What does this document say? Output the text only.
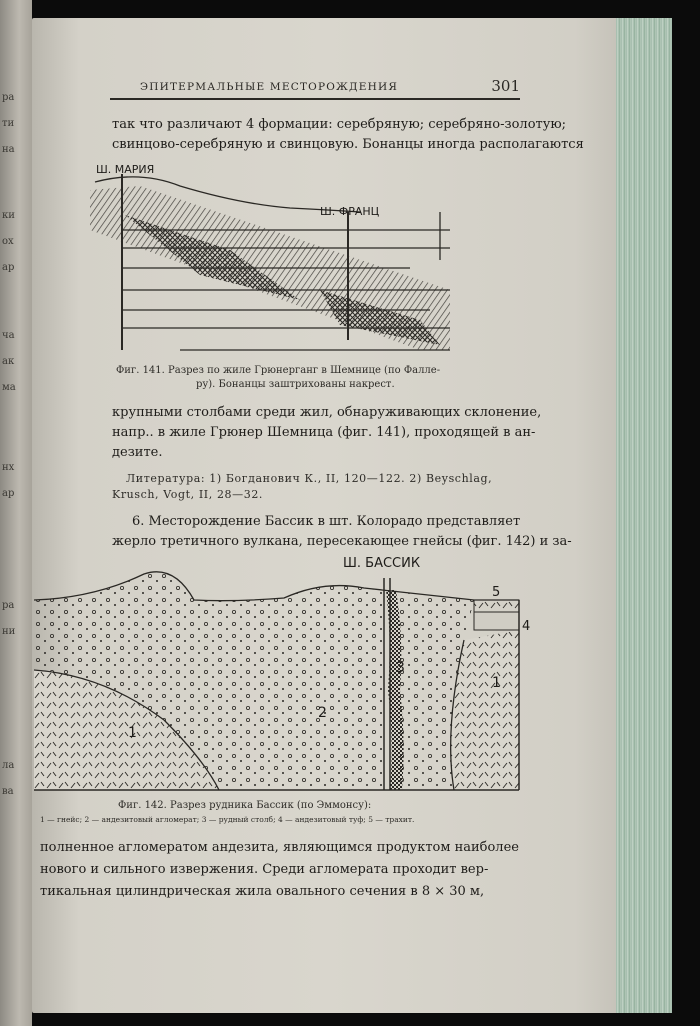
ра
ти
на
ки
ох
ар
ча
ак
ма
нх
ар
ра
ни
ла
ва
ЭПИТЕРМАЛЬНЫЕ МЕСТОРОЖДЕНИЯ	301
так что различают 4 формации: серебряную; серебряно-золотую;
свинцово-серебряную и свинцовую. Бонанцы иногда располагаются
Ш. МАРИЯ
Ш. ФРАНЦ
Фиг. 141. Разрез по жиле Грюнерганг в Шемнице (по Фалле-
ру). Бонанцы заштрихованы накрест.
крупными столбами среди жил, обнаруживающих склонение,
напр.. в жиле Грюнер Шемница (фиг. 141), проходящей в ан-
дезите.
Литература: 1) Богданович К., II, 120—122. 2) Beyschlag,
Krusch, Vogt, II, 28—32.
6. Месторождение Бассик в шт. Колорадо представляет
жерло третичного вулкана, пересекающее гнейсы (фиг. 142) и за-
Ш. БАССИК
1
2
3
4
5
1
Фиг. 142. Разрез рудника Бассик (по Эммонсу):
1 — гнейс; 2 — андезитовый агломерат; 3 — рудный столб; 4 — андезитовый туф; 5 — трахит.
полненное агломератом андезита, являющимся продуктом наиболее
нового и сильного извержения. Среди агломерата проходит вер-
тикальная цилиндрическая жила овального сечения в 8 × 30 м,
